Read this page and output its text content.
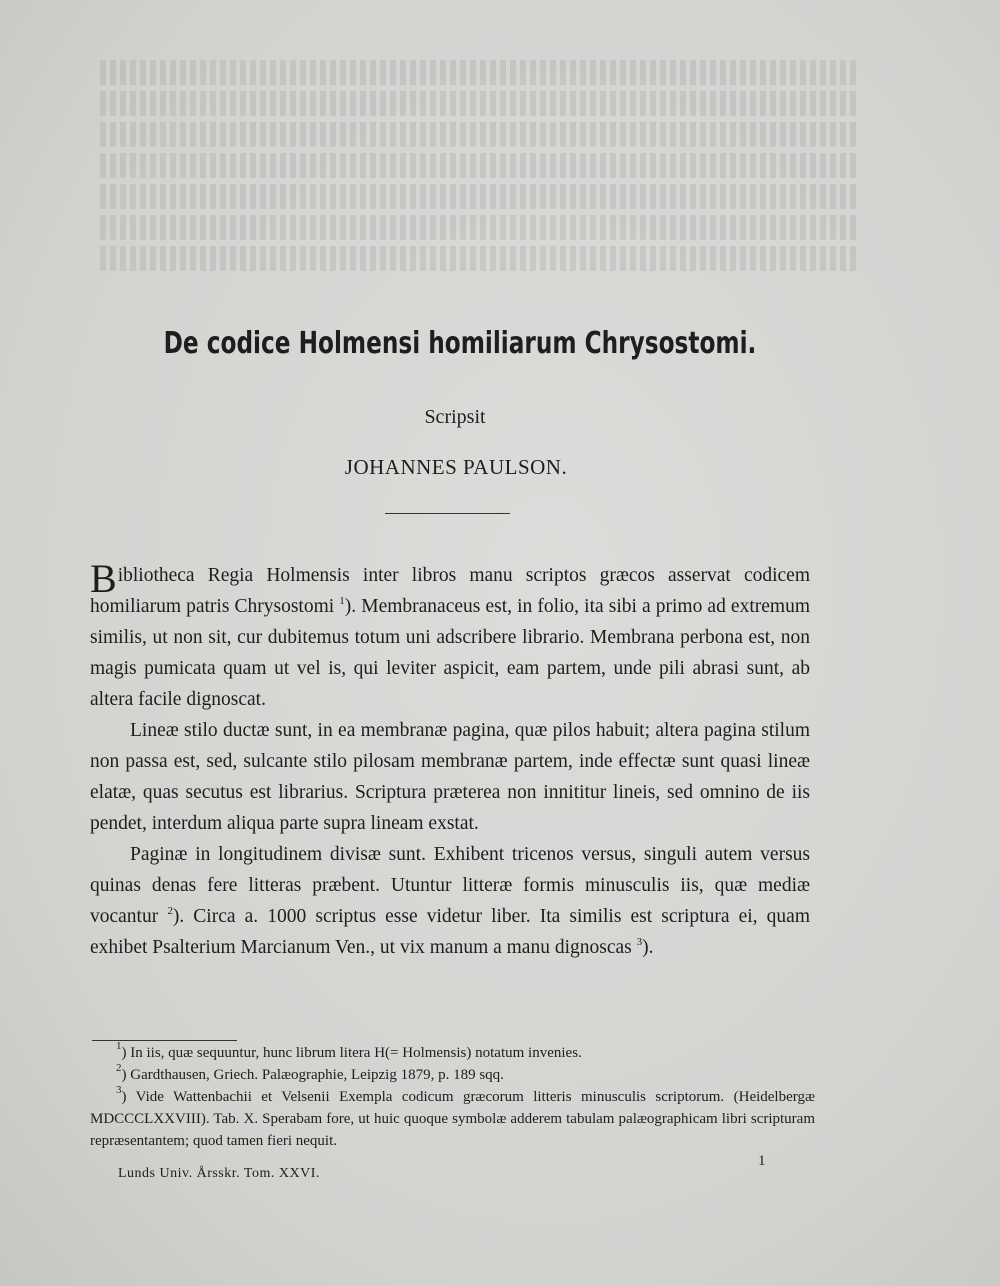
De codice Holmensi homiliarum Chrysostomi.
Scripsit
JOHANNES PAULSON.

Bibliotheca Regia Holmensis inter libros manu scriptos græcos asservat codicem homiliarum patris Chrysostomi $^1$). Membranaceus est, in folio, ita sibi a primo ad extremum similis, ut non sit, cur dubitemus totum uni adscribere librario. Membrana perbona est, non magis pumicata quam ut vel is, qui leviter aspicit, eam partem, unde pili abrasi sunt, ab altera facile dignoscat.

Lineæ stilo ductæ sunt, in ea membranæ pagina, quæ pilos habuit; altera pagina stilum non passa est, sed, sulcante stilo pilosam membranæ partem, inde effectæ sunt quasi lineæ elatæ, quas secutus est librarius. Scriptura præterea non innititur lineis, sed omnino de iis pendet, interdum aliqua parte supra lineam exstat.

Paginæ in longitudinem divisæ sunt. Exhibent tricenos versus, singuli autem versus quinas denas fere litteras præbent. Utuntur litteræ formis minusculis iis, quæ mediæ vocantur $^2$). Circa a. 1000 scriptus esse videtur liber. Ita similis est scriptura ei, quam exhibet Psalterium Marcianum Ven., ut vix manum a manu dignoscas $^3$).

$^1$) In iis, quæ sequuntur, hunc librum litera H(= Holmensis) notatum invenies.

$^2$) Gardthausen, Griech. Palæographie, Leipzig 1879, p. 189 sqq.

$^3$) Vide Wattenbachii et Velsenii Exempla codicum græcorum litteris minusculis scriptorum. (Heidelbergæ MDCCCLXXVIII). Tab. X. Sperabam fore, ut huic quoque symbolæ adderem tabulam palæographicam libri scripturam repræsentantem; quod tamen fieri nequit.

1
Lunds Univ. Årsskr. Tom. XXVI.
